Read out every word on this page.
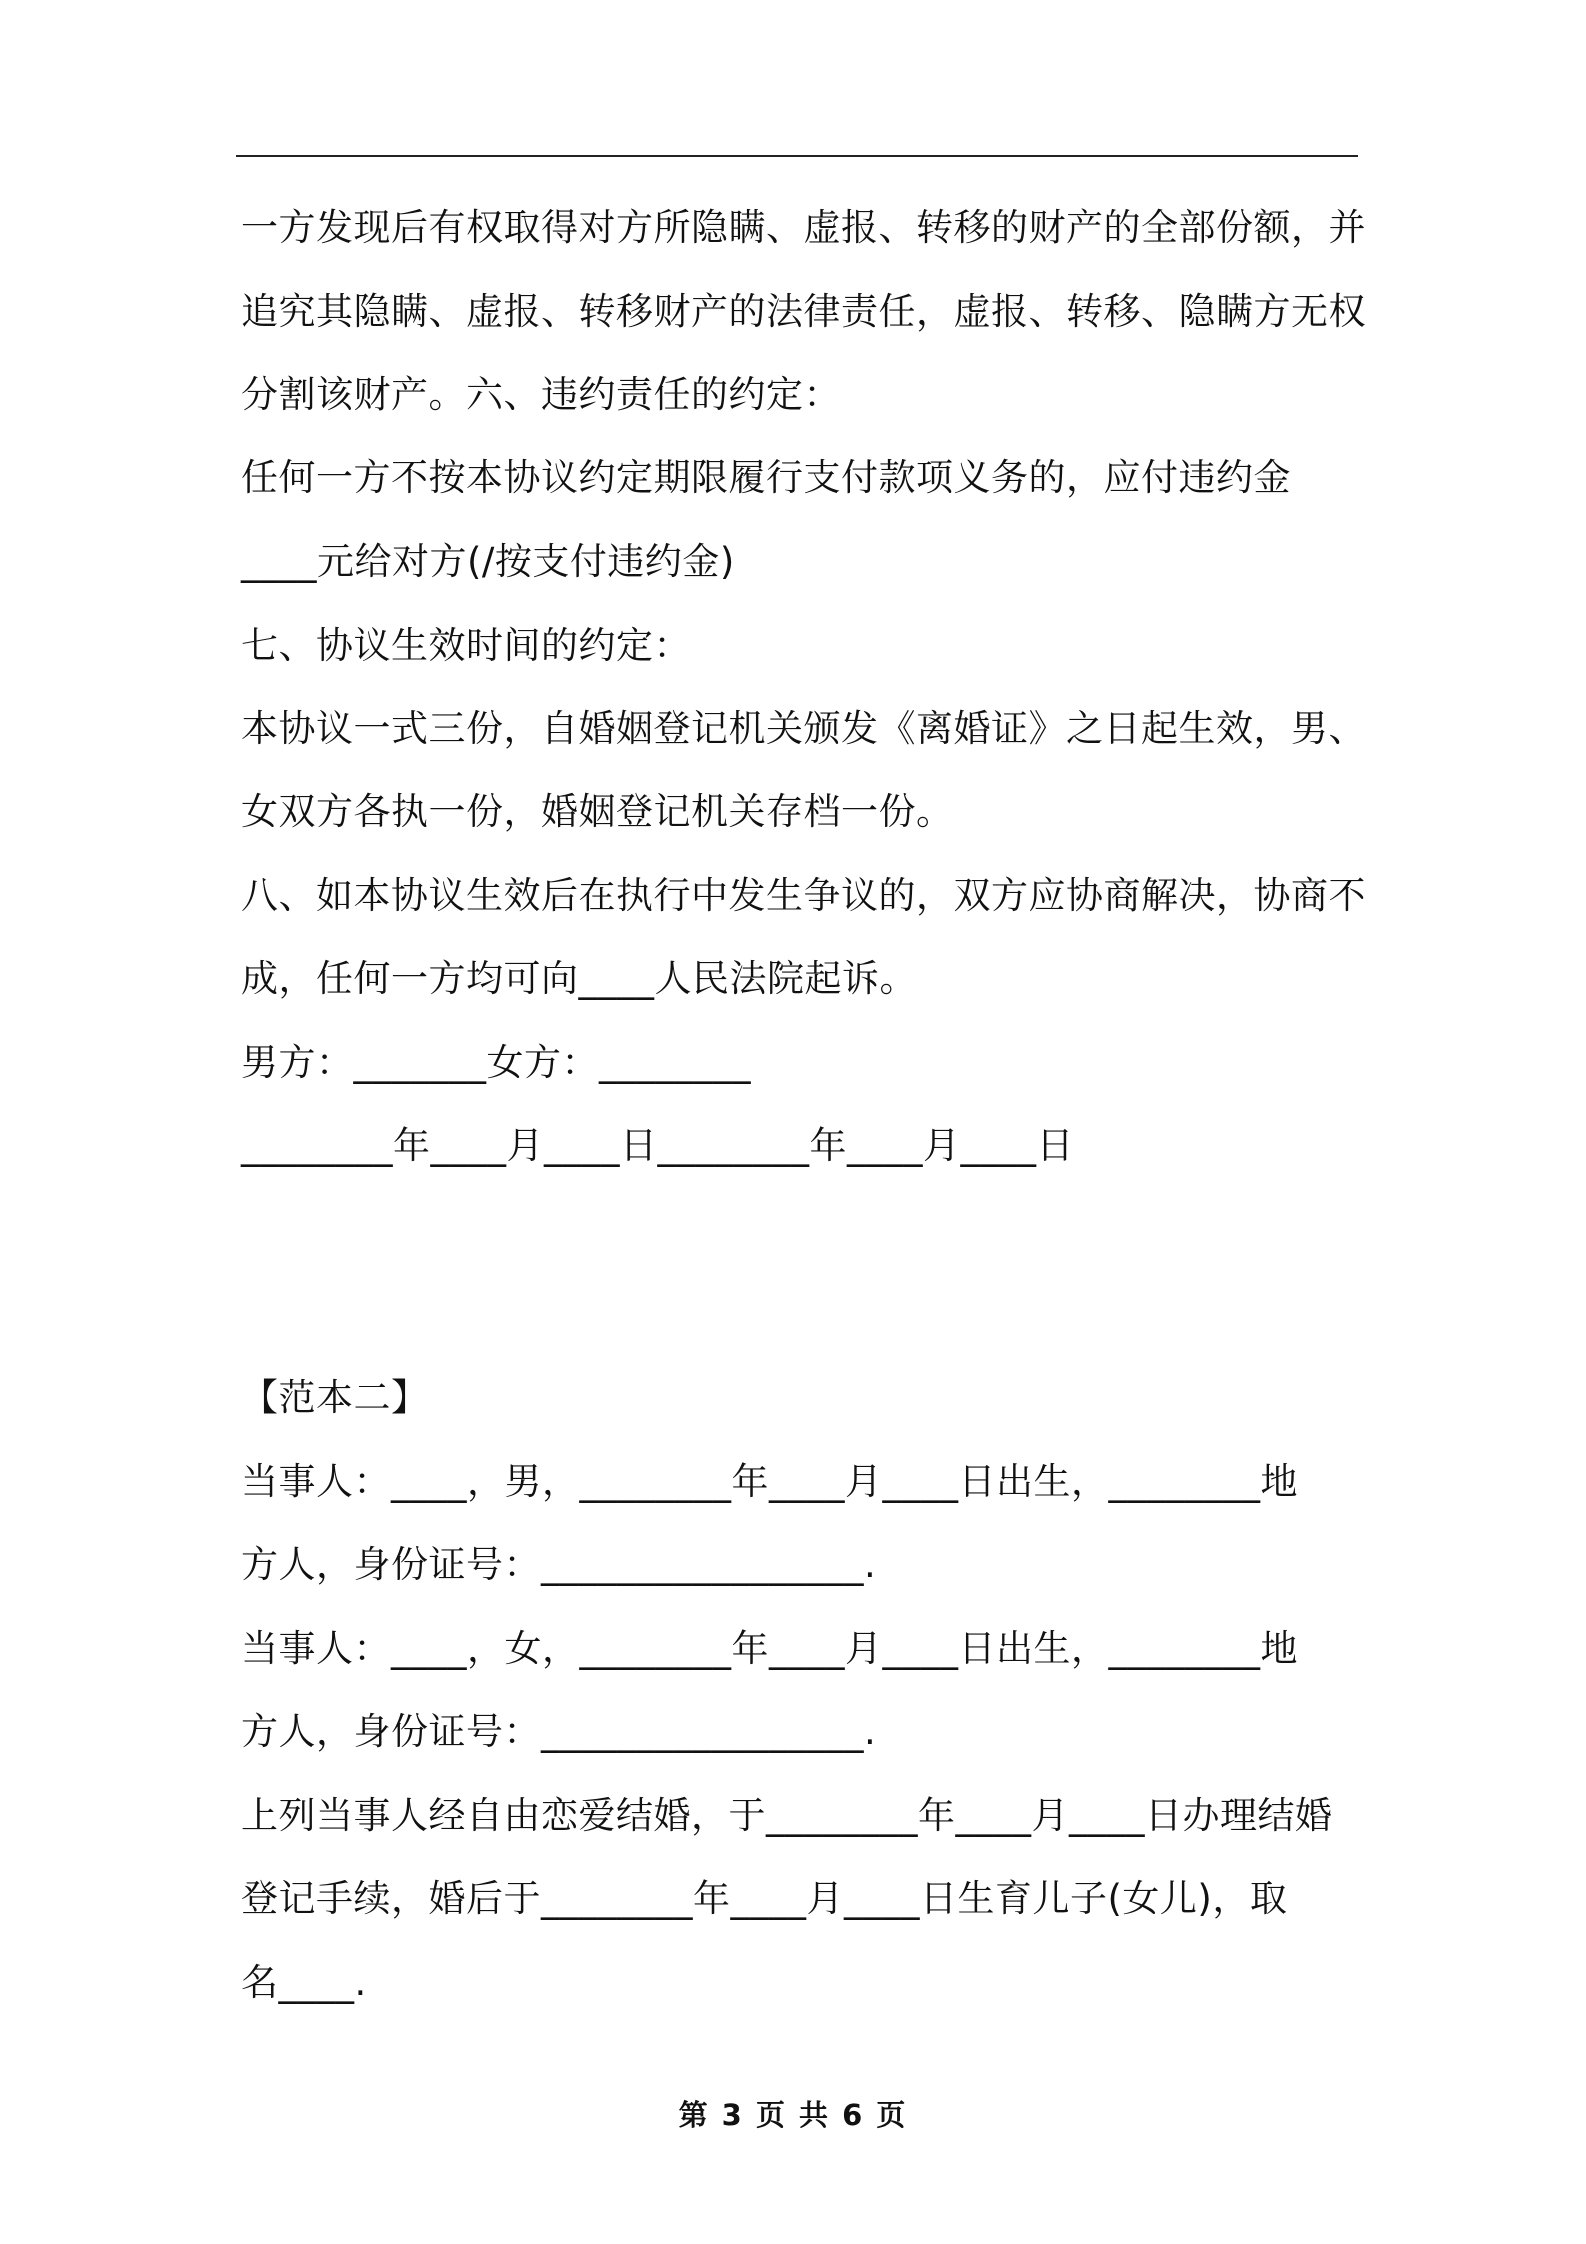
一方发现后有权取得对方所隐瞒、虚报、转移的财产的全部份额，并
追究其隐瞒、虚报、转移财产的法律责任，虚报、转移、隐瞒方无权
分割该财产。六、违约责任的约定：
任何一方不按本协议约定期限履行支付款项义务的，应付违约金
____元给对方(/按支付违约金)
七、协议生效时间的约定：
本协议一式三份，自婚姻登记机关颁发《离婚证》之日起生效，男、
女双方各执一份，婚姻登记机关存档一份。
八、如本协议生效后在执行中发生争议的，双方应协商解决，协商不
成，任何一方均可向____人民法院起诉。
男方：_______女方：________
________年____月____日________年____月____日
【范本二】
当事人：____，男，________年____月____日出生，________地
方人，身份证号：_________________.
当事人：____，女，________年____月____日出生，________地
方人，身份证号：_________________.
上列当事人经自由恋爱结婚，于________年____月____日办理结婚
登记手续，婚后于________年____月____日生育儿子(女儿)，取
名____.
第 3 页 共 6 页
